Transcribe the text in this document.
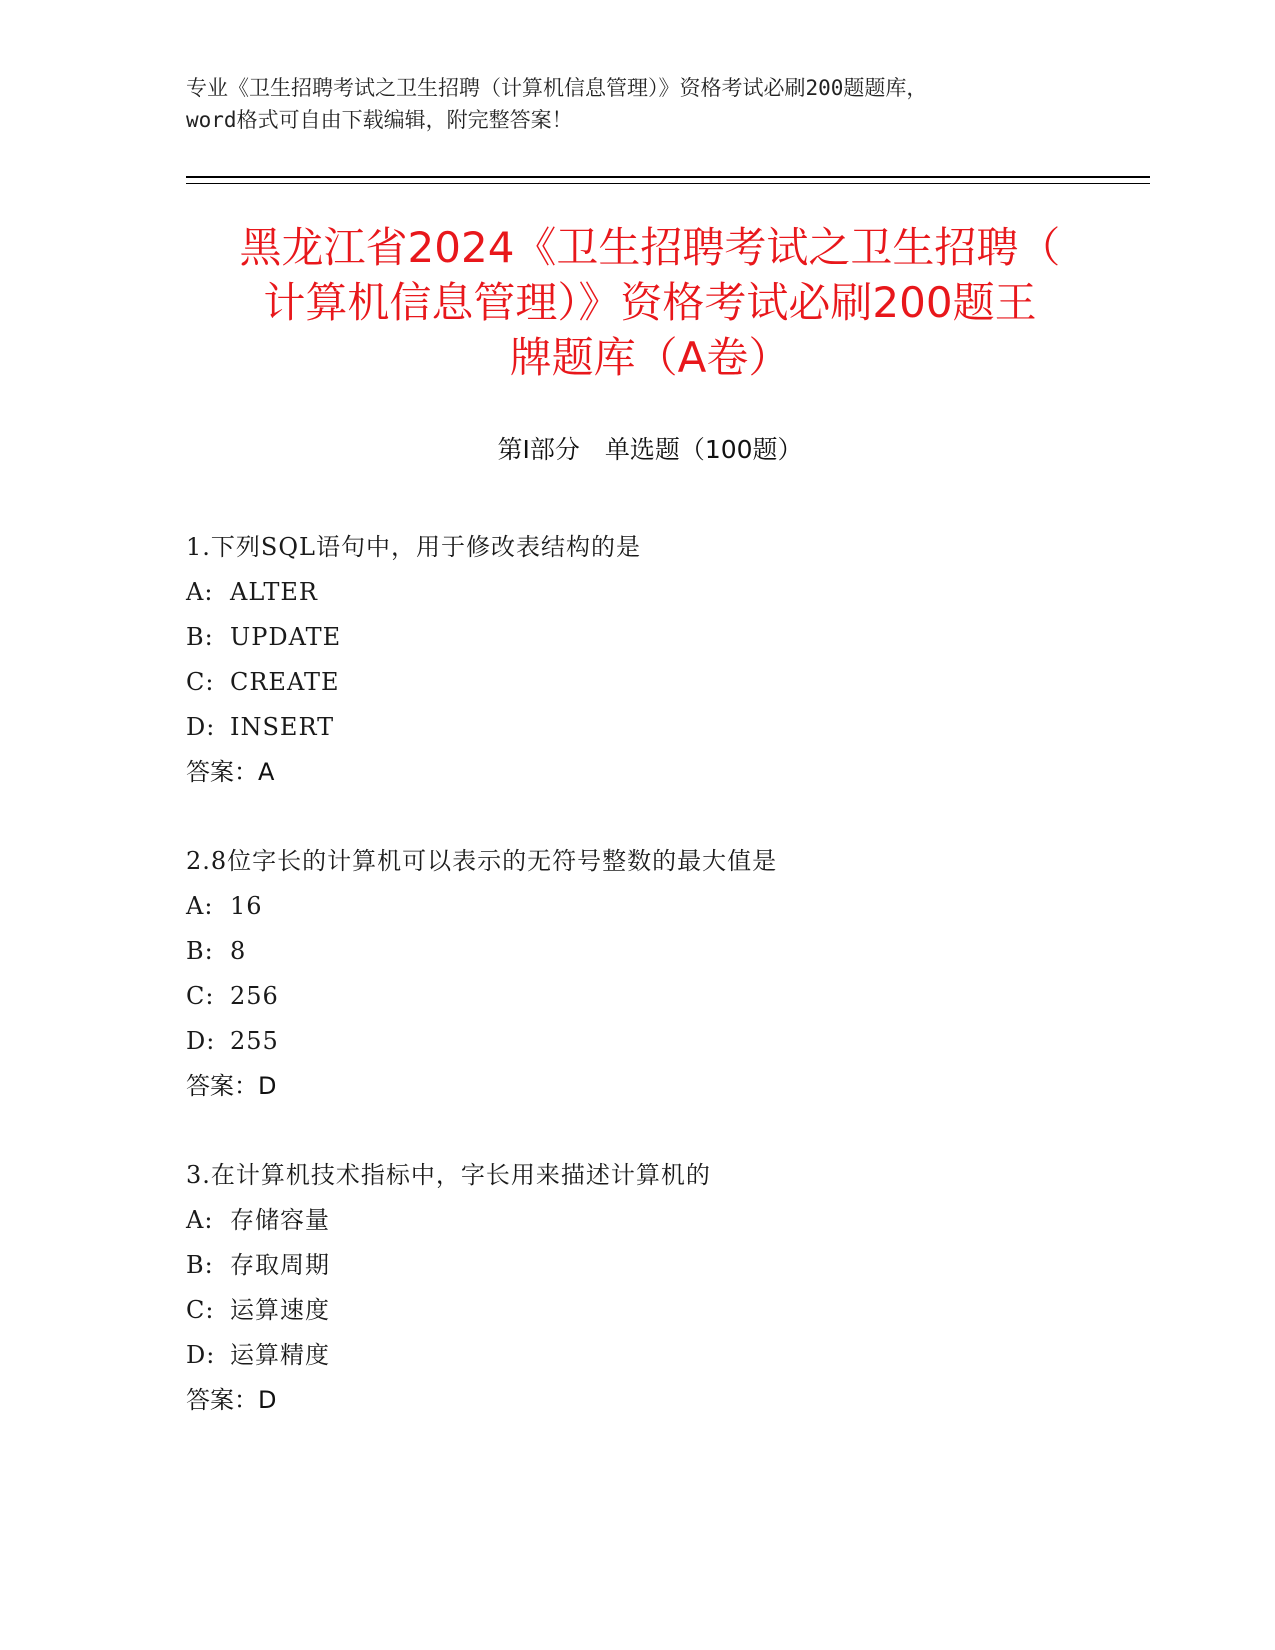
专业《卫生招聘考试之卫生招聘（计算机信息管理）》资格考试必刷200题题库，
word格式可自由下载编辑，附完整答案！
黑龙江省2024《卫生招聘考试之卫生招聘（
计算机信息管理）》资格考试必刷200题王
牌题库（A卷）
第I部分　单选题（100题）
1.下列SQL语句中，用于修改表结构的是
A: ALTER
B: UPDATE
C: CREATE
D: INSERT
答案：A
2.8位字长的计算机可以表示的无符号整数的最大值是
A: 16
B: 8
C: 256
D: 255
答案：D
3.在计算机技术指标中，字长用来描述计算机的
A: 存储容量
B: 存取周期
C: 运算速度
D: 运算精度
答案：D
